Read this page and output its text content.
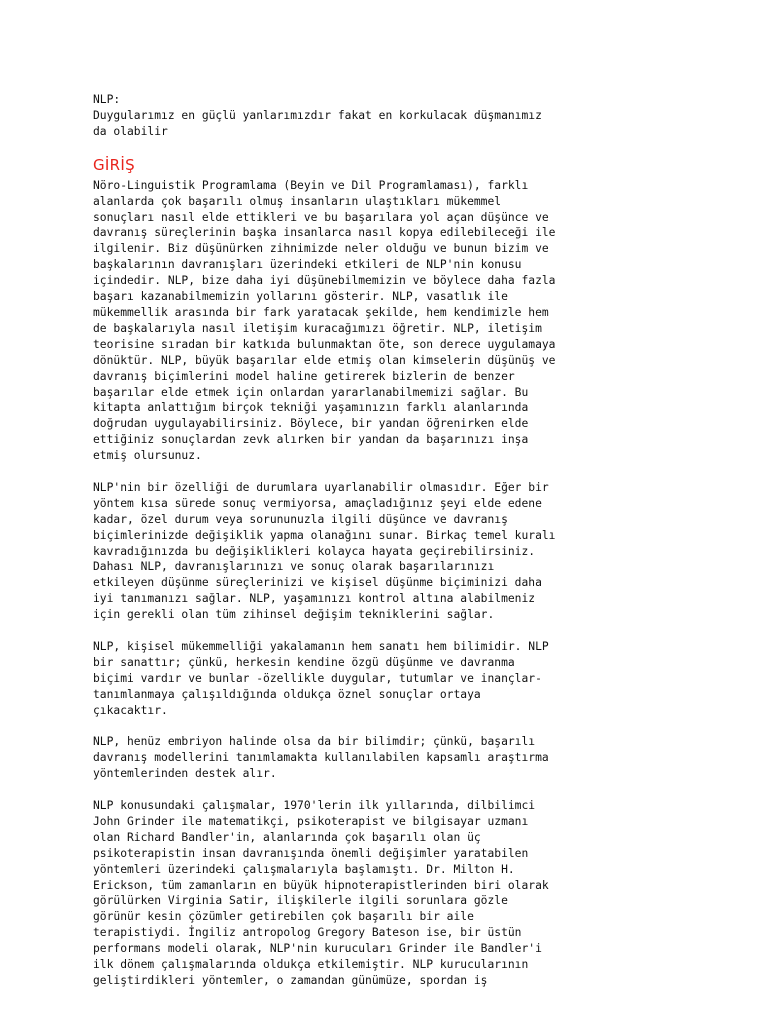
NLP:
Duygularımız en güçlü yanlarımızdır fakat en korkulacak düşmanımız
da olabilir
GİRİŞ
Nöro-Linguistik Programlama (Beyin ve Dil Programlaması), farklı
alanlarda çok başarılı olmuş insanların ulaştıkları mükemmel
sonuçları nasıl elde ettikleri ve bu başarılara yol açan düşünce ve
davranış süreçlerinin başka insanlarca nasıl kopya edilebileceği ile
ilgilenir. Biz düşünürken zihnimizde neler olduğu ve bunun bizim ve
başkalarının davranışları üzerindeki etkileri de NLP'nin konusu
içindedir. NLP, bize daha iyi düşünebilmemizin ve böylece daha fazla
başarı kazanabilmemizin yollarını gösterir. NLP, vasatlık ile
mükemmellik arasında bir fark yaratacak şekilde, hem kendimizle hem
de başkalarıyla nasıl iletişim kuracağımızı öğretir. NLP, iletişim
teorisine sıradan bir katkıda bulunmaktan öte, son derece uygulamaya
dönüktür. NLP, büyük başarılar elde etmiş olan kimselerin düşünüş ve
davranış biçimlerini model haline getirerek bizlerin de benzer
başarılar elde etmek için onlardan yararlanabilmemizi sağlar. Bu
kitapta anlattığım birçok tekniği yaşamınızın farklı alanlarında
doğrudan uygulayabilirsiniz. Böylece, bir yandan öğrenirken elde
ettiğiniz sonuçlardan zevk alırken bir yandan da başarınızı inşa
etmiş olursunuz.
NLP'nin bir özelliği de durumlara uyarlanabilir olmasıdır. Eğer bir
yöntem kısa sürede sonuç vermiyorsa, amaçladığınız şeyi elde edene
kadar, özel durum veya sorununuzla ilgili düşünce ve davranış
biçimlerinizde değişiklik yapma olanağını sunar. Birkaç temel kuralı
kavradığınızda bu değişiklikleri kolayca hayata geçirebilirsiniz.
Dahası NLP, davranışlarınızı ve sonuç olarak başarılarınızı
etkileyen düşünme süreçlerinizi ve kişisel düşünme biçiminizi daha
iyi tanımanızı sağlar. NLP, yaşamınızı kontrol altına alabilmeniz
için gerekli olan tüm zihinsel değişim tekniklerini sağlar.
NLP, kişisel mükemmelliği yakalamanın hem sanatı hem bilimidir. NLP
bir sanattır; çünkü, herkesin kendine özgü düşünme ve davranma
biçimi vardır ve bunlar -özellikle duygular, tutumlar ve inançlar-
tanımlanmaya çalışıldığında oldukça öznel sonuçlar ortaya
çıkacaktır.
NLP, henüz embriyon halinde olsa da bir bilimdir; çünkü, başarılı
davranış modellerini tanımlamakta kullanılabilen kapsamlı araştırma
yöntemlerinden destek alır.
NLP konusundaki çalışmalar, 1970'lerin ilk yıllarında, dilbilimci
John Grinder ile matematikçi, psikoterapist ve bilgisayar uzmanı
olan Richard Bandler'in, alanlarında çok başarılı olan üç
psikoterapistin insan davranışında önemli değişimler yaratabilen
yöntemleri üzerindeki çalışmalarıyla başlamıştı. Dr. Milton H.
Erickson, tüm zamanların en büyük hipnoterapistlerinden biri olarak
görülürken Virginia Satir, ilişkilerle ilgili sorunlara gözle
görünür kesin çözümler getirebilen çok başarılı bir aile
terapistiydi. İngiliz antropolog Gregory Bateson ise, bir üstün
performans modeli olarak, NLP'nin kurucuları Grinder ile Bandler'i
ilk dönem çalışmalarında oldukça etkilemiştir. NLP kurucularının
geliştirdikleri yöntemler, o zamandan günümüze, spordan iş
